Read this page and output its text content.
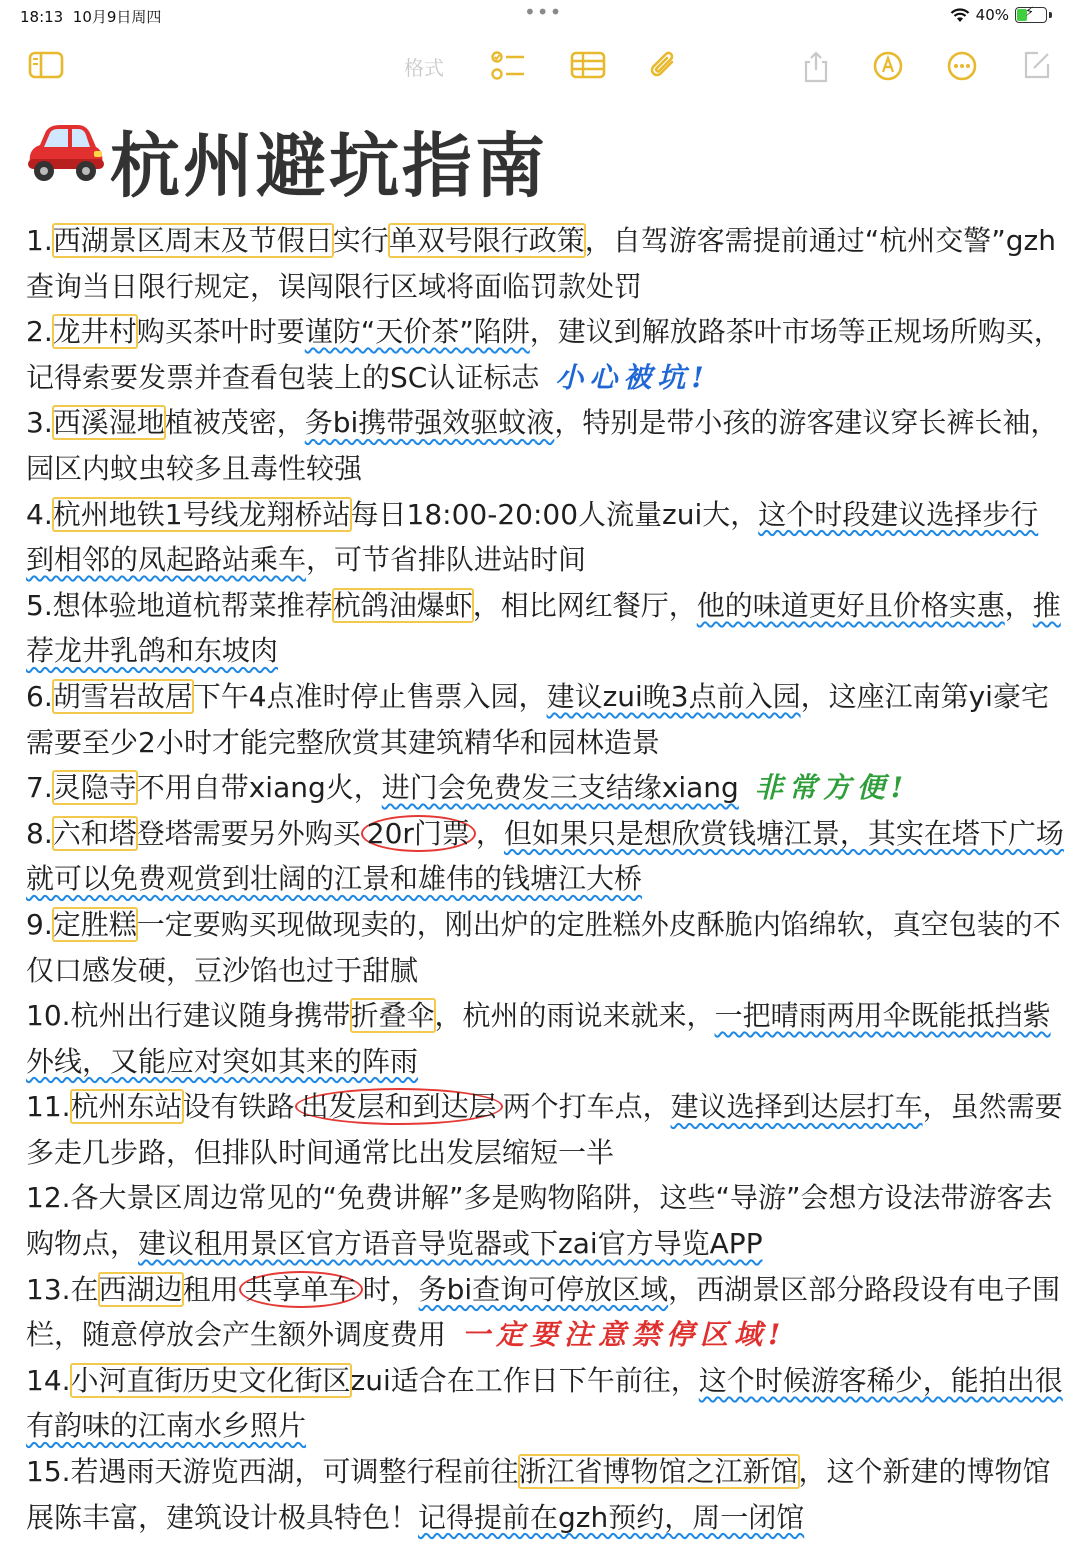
18:13 10月9日周四	•••	40% ⚡
格式
杭州避坑指南

1.西湖景区周末及节假日实行单双号限行政策，自驾游客需提前通过“杭州交警”gzh查询当日限行规定，误闯限行区域将面临罚款处罚

2.龙井村购买茶叶时要谨防“天价茶”陷阱，建议到解放路茶叶市场等正规场所购买，记得索要发票并查看包装上的SC认证标志 小心被坑!

3.西溪湿地植被茂密，务bi携带强效驱蚊液，特别是带小孩的游客建议穿长裤长袖，园区内蚊虫较多且毒性较强

4.杭州地铁1号线龙翔桥站每日18:00-20:00人流量zui大，这个时段建议选择步行到相邻的凤起路站乘车，可节省排队进站时间

5.想体验地道杭帮菜推荐杭鸽油爆虾，相比网红餐厅，他的味道更好且价格实惠，推荐龙井乳鸽和东坡肉

6.胡雪岩故居下午4点准时停止售票入园，建议zui晚3点前入园，这座江南第yi豪宅需要至少2小时才能完整欣赏其建筑精华和园林造景

7.灵隐寺不用自带xiang火，进门会免费发三支结缘xiang 非常方便!

8.六和塔登塔需要另外购买 20r门票 ，但如果只是想欣赏钱塘江景，其实在塔下广场就可以免费观赏到壮阔的江景和雄伟的钱塘江大桥

9.定胜糕一定要购买现做现卖的，刚出炉的定胜糕外皮酥脆内馅绵软，真空包装的不仅口感发硬，豆沙馅也过于甜腻

10.杭州出行建议随身携带折叠伞，杭州的雨说来就来，一把晴雨两用伞既能抵挡紫外线，又能应对突如其来的阵雨

11.杭州东站设有铁路 出发层和到达层 两个打车点，建议选择到达层打车，虽然需要多走几步路，但排队时间通常比出发层缩短一半

12.各大景区周边常见的“免费讲解”多是购物陷阱，这些“导游”会想方设法带游客去购物点，建议租用景区官方语音导览器或下zai官方导览APP

13.在西湖边租用 共享单车 时，务bi查询可停放区域，西湖景区部分路段设有电子围栏，随意停放会产生额外调度费用 一定要注意禁停区域!

14.小河直街历史文化街区zui适合在工作日下午前往，这个时候游客稀少，能拍出很有韵味的江南水乡照片

15.若遇雨天游览西湖，可调整行程前往浙江省博物馆之江新馆，这个新建的博物馆展陈丰富，建筑设计极具特色！记得提前在gzh预约，周一闭馆
